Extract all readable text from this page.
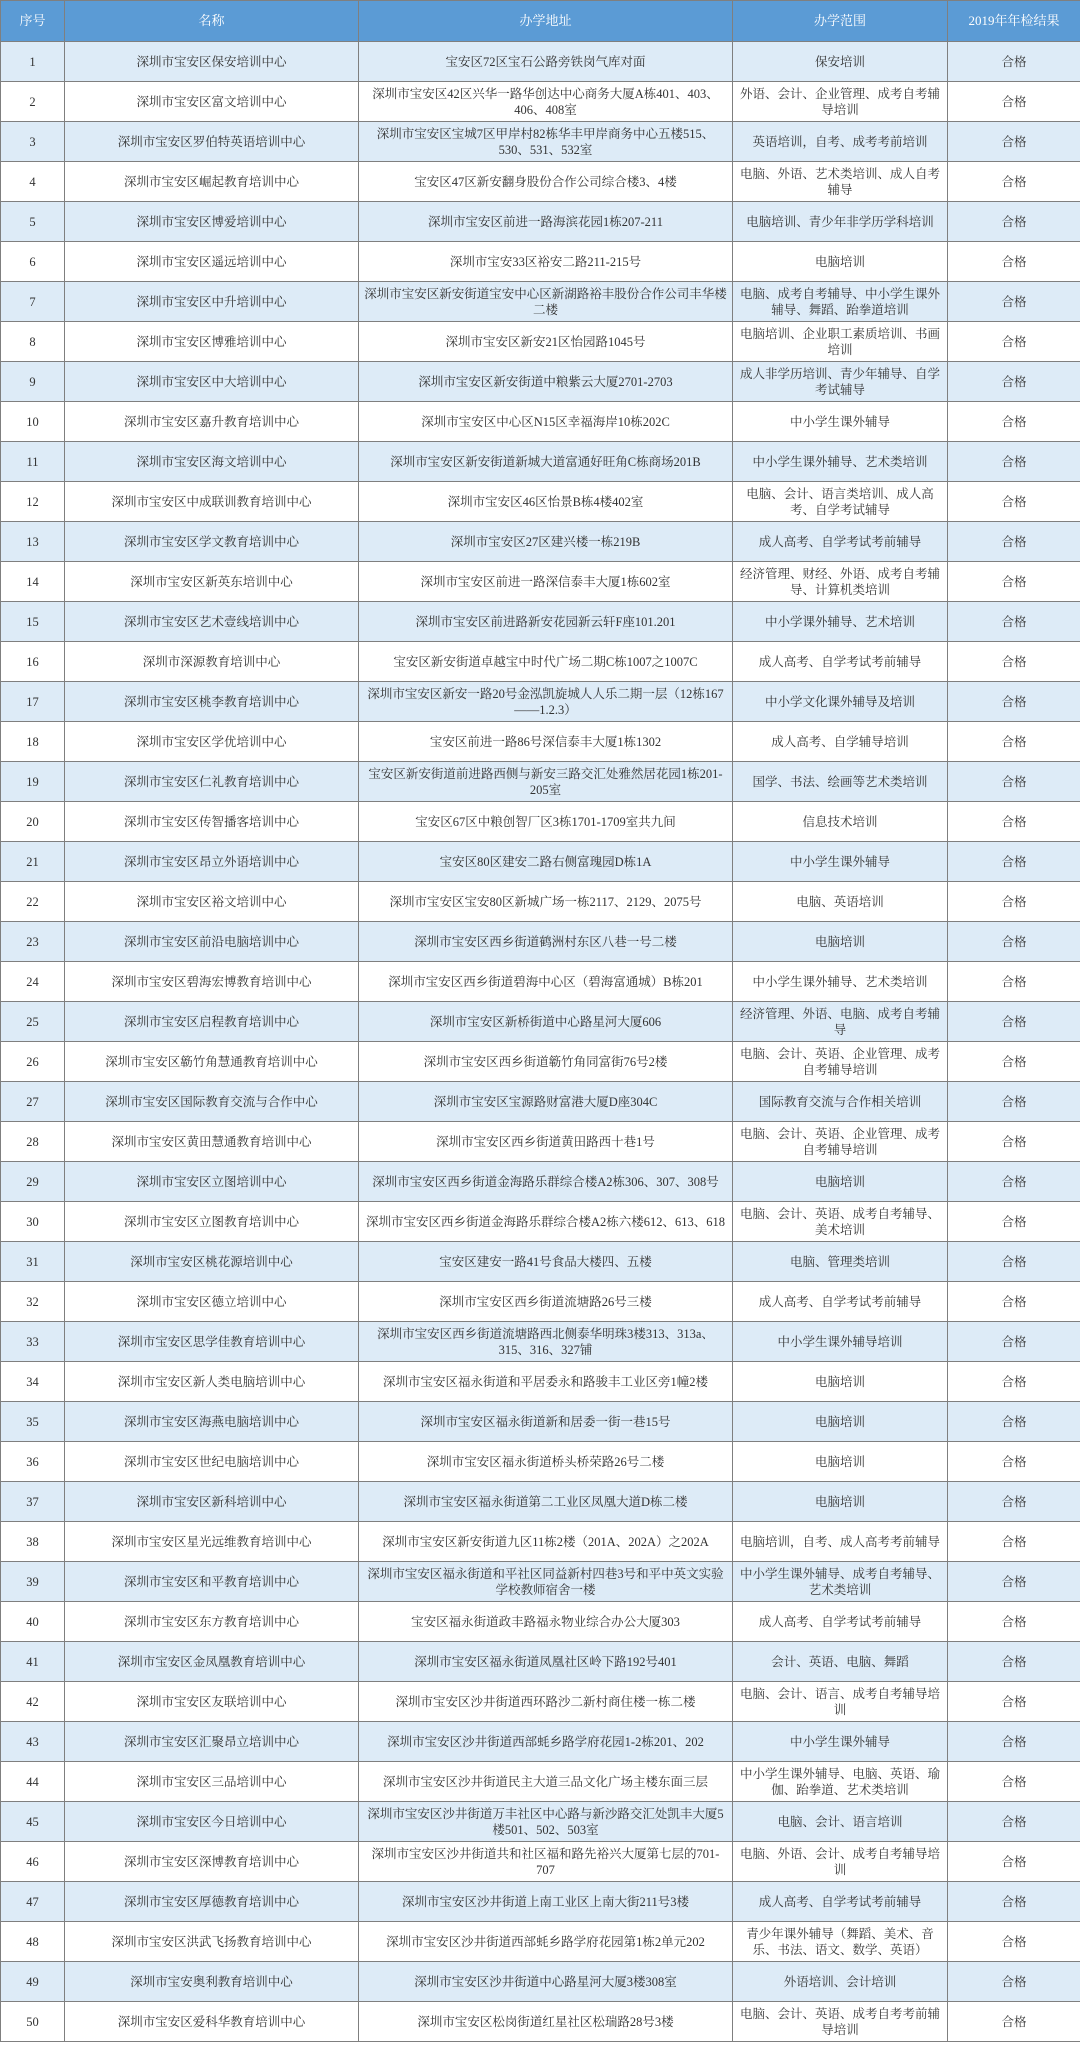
序号	名称	办学地址	办学范围	2019年年检结果
1	深圳市宝安区保安培训中心	宝安区72区宝石公路旁铁岗气库对面	保安培训	合格
2	深圳市宝安区富文培训中心	深圳市宝安区42区兴华一路华创达中心商务大厦A栋401、403、406、408室	外语、会计、企业管理、成考自考辅导培训	合格
3	深圳市宝安区罗伯特英语培训中心	深圳市宝安区宝城7区甲岸村82栋华丰甲岸商务中心五楼515、530、531、532室	英语培训，自考、成考考前培训	合格
4	深圳市宝安区崛起教育培训中心	宝安区47区新安翻身股份合作公司综合楼3、4楼	电脑、外语、艺术类培训、成人自考辅导	合格
5	深圳市宝安区博爱培训中心	深圳市宝安区前进一路海滨花园1栋207-211	电脑培训、青少年非学历学科培训	合格
6	深圳市宝安区遥远培训中心	深圳市宝安33区裕安二路211-215号	电脑培训	合格
7	深圳市宝安区中升培训中心	深圳市宝安区新安街道宝安中心区新湖路裕丰股份合作公司丰华楼二楼	电脑、成考自考辅导、中小学生课外辅导、舞蹈、跆拳道培训	合格
8	深圳市宝安区博雅培训中心	深圳市宝安区新安21区怡园路1045号	电脑培训、企业职工素质培训、书画培训	合格
9	深圳市宝安区中大培训中心	深圳市宝安区新安街道中粮紫云大厦2701-2703	成人非学历培训、青少年辅导、自学考试辅导	合格
10	深圳市宝安区嘉升教育培训中心	深圳市宝安区中心区N15区幸福海岸10栋202C	中小学生课外辅导	合格
11	深圳市宝安区海文培训中心	深圳市宝安区新安街道新城大道富通好旺角C栋商场201B	中小学生课外辅导、艺术类培训	合格
12	深圳市宝安区中成联训教育培训中心	深圳市宝安区46区怡景B栋4楼402室	电脑、会计、语言类培训、成人高考、自学考试辅导	合格
13	深圳市宝安区学文教育培训中心	深圳市宝安区27区建兴楼一栋219B	成人高考、自学考试考前辅导	合格
14	深圳市宝安区新英东培训中心	深圳市宝安区前进一路深信泰丰大厦1栋602室	经济管理、财经、外语、成考自考辅导、计算机类培训	合格
15	深圳市宝安区艺术壹线培训中心	深圳市宝安区前进路新安花园新云轩F座101.201	中小学课外辅导、艺术培训	合格
16	深圳市深源教育培训中心	宝安区新安街道卓越宝中时代广场二期C栋1007之1007C	成人高考、自学考试考前辅导	合格
17	深圳市宝安区桃李教育培训中心	深圳市宝安区新安一路20号金泓凯旋城人人乐二期一层（12栋167——1.2.3）	中小学文化课外辅导及培训	合格
18	深圳市宝安区学优培训中心	宝安区前进一路86号深信泰丰大厦1栋1302	成人高考、自学辅导培训	合格
19	深圳市宝安区仁礼教育培训中心	宝安区新安街道前进路西侧与新安三路交汇处雅然居花园1栋201-205室	国学、书法、绘画等艺术类培训	合格
20	深圳市宝安区传智播客培训中心	宝安区67区中粮创智厂区3栋1701-1709室共九间	信息技术培训	合格
21	深圳市宝安区昂立外语培训中心	宝安区80区建安二路右侧富瑰园D栋1A	中小学生课外辅导	合格
22	深圳市宝安区裕文培训中心	深圳市宝安区宝安80区新城广场一栋2117、2129、2075号	电脑、英语培训	合格
23	深圳市宝安区前沿电脑培训中心	深圳市宝安区西乡街道鹤洲村东区八巷一号二楼	电脑培训	合格
24	深圳市宝安区碧海宏博教育培训中心	深圳市宝安区西乡街道碧海中心区（碧海富通城）B栋201	中小学生课外辅导、艺术类培训	合格
25	深圳市宝安区启程教育培训中心	深圳市宝安区新桥街道中心路星河大厦606	经济管理、外语、电脑、成考自考辅导	合格
26	深圳市宝安区簕竹角慧通教育培训中心	深圳市宝安区西乡街道簕竹角同富街76号2楼	电脑、会计、英语、企业管理、成考自考辅导培训	合格
27	深圳市宝安区国际教育交流与合作中心	深圳市宝安区宝源路财富港大厦D座304C	国际教育交流与合作相关培训	合格
28	深圳市宝安区黄田慧通教育培训中心	深圳市宝安区西乡街道黄田路西十巷1号	电脑、会计、英语、企业管理、成考自考辅导培训	合格
29	深圳市宝安区立图培训中心	深圳市宝安区西乡街道金海路乐群综合楼A2栋306、307、308号	电脑培训	合格
30	深圳市宝安区立图教育培训中心	深圳市宝安区西乡街道金海路乐群综合楼A2栋六楼612、613、618	电脑、会计、英语、成考自考辅导、美术培训	合格
31	深圳市宝安区桃花源培训中心	宝安区建安一路41号食品大楼四、五楼	电脑、管理类培训	合格
32	深圳市宝安区德立培训中心	深圳市宝安区西乡街道流塘路26号三楼	成人高考、自学考试考前辅导	合格
33	深圳市宝安区思学佳教育培训中心	深圳市宝安区西乡街道流塘路西北侧泰华明珠3楼313、313a、315、316、327铺	中小学生课外辅导培训	合格
34	深圳市宝安区新人类电脑培训中心	深圳市宝安区福永街道和平居委永和路骏丰工业区旁1幢2楼	电脑培训	合格
35	深圳市宝安区海燕电脑培训中心	深圳市宝安区福永街道新和居委一街一巷15号	电脑培训	合格
36	深圳市宝安区世纪电脑培训中心	深圳市宝安区福永街道桥头桥荣路26号二楼	电脑培训	合格
37	深圳市宝安区新科培训中心	深圳市宝安区福永街道第二工业区凤凰大道D栋二楼	电脑培训	合格
38	深圳市宝安区星光远维教育培训中心	深圳市宝安区新安街道九区11栋2楼（201A、202A）之202A	电脑培训，自考、成人高考考前辅导	合格
39	深圳市宝安区和平教育培训中心	深圳市宝安区福永街道和平社区同益新村四巷3号和平中英文实验学校教师宿舍一楼	中小学生课外辅导、成考自考辅导、艺术类培训	合格
40	深圳市宝安区东方教育培训中心	宝安区福永街道政丰路福永物业综合办公大厦303	成人高考、自学考试考前辅导	合格
41	深圳市宝安区金凤凰教育培训中心	深圳市宝安区福永街道凤凰社区岭下路192号401	会计、英语、电脑、舞蹈	合格
42	深圳市宝安区友联培训中心	深圳市宝安区沙井街道西环路沙二新村商住楼一栋二楼	电脑、会计、语言、成考自考辅导培训	合格
43	深圳市宝安区汇聚昂立培训中心	深圳市宝安区沙井街道西部蚝乡路学府花园1-2栋201、202	中小学生课外辅导	合格
44	深圳市宝安区三品培训中心	深圳市宝安区沙井街道民主大道三品文化广场主楼东面三层	中小学生课外辅导、电脑、英语、瑜伽、跆拳道、艺术类培训	合格
45	深圳市宝安区今日培训中心	深圳市宝安区沙井街道万丰社区中心路与新沙路交汇处凯丰大厦5楼501、502、503室	电脑、会计、语言培训	合格
46	深圳市宝安区深博教育培训中心	深圳市宝安区沙井街道共和社区福和路先裕兴大厦第七层的701-707	电脑、外语、会计、成考自考辅导培训	合格
47	深圳市宝安区厚德教育培训中心	深圳市宝安区沙井街道上南工业区上南大街211号3楼	成人高考、自学考试考前辅导	合格
48	深圳市宝安区洪武飞扬教育培训中心	深圳市宝安区沙井街道西部蚝乡路学府花园第1栋2单元202	青少年课外辅导（舞蹈、美术、音乐、书法、语文、数学、英语）	合格
49	深圳市宝安奥利教育培训中心	深圳市宝安区沙井街道中心路星河大厦3楼308室	外语培训、会计培训	合格
50	深圳市宝安区爱科华教育培训中心	深圳市宝安区松岗街道红星社区松瑞路28号3楼	电脑、会计、英语、成考自考考前辅导培训	合格
